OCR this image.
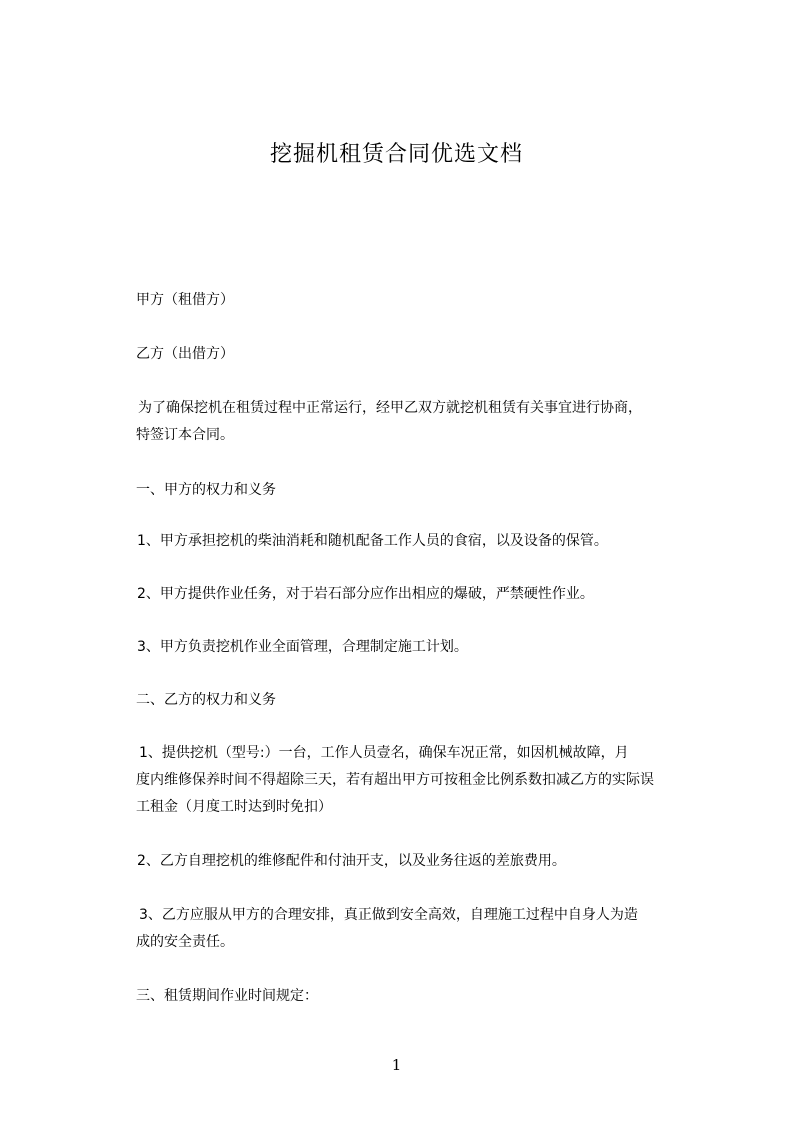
挖掘机租赁合同优选文档
甲方（租借方）
乙方（出借方）
为了确保挖机在租赁过程中正常运行，经甲乙双方就挖机租赁有关事宜进行协商，
特签订本合同。
一、甲方的权力和义务
1、甲方承担挖机的柴油消耗和随机配备工作人员的食宿，以及设备的保管。
2、甲方提供作业任务，对于岩石部分应作出相应的爆破，严禁硬性作业。
3、甲方负责挖机作业全面管理，合理制定施工计划。
二、乙方的权力和义务
1、提供挖机（型号:）一台，工作人员壹名，确保车况正常，如因机械故障，月
度内维修保养时间不得超除三天，若有超出甲方可按租金比例系数扣减乙方的实际误
工租金（月度工时达到时免扣）
2、乙方自理挖机的维修配件和付油开支，以及业务往返的差旅费用。
3、乙方应服从甲方的合理安排，真正做到安全高效，自理施工过程中自身人为造
成的安全责任。
三、租赁期间作业时间规定：
1
